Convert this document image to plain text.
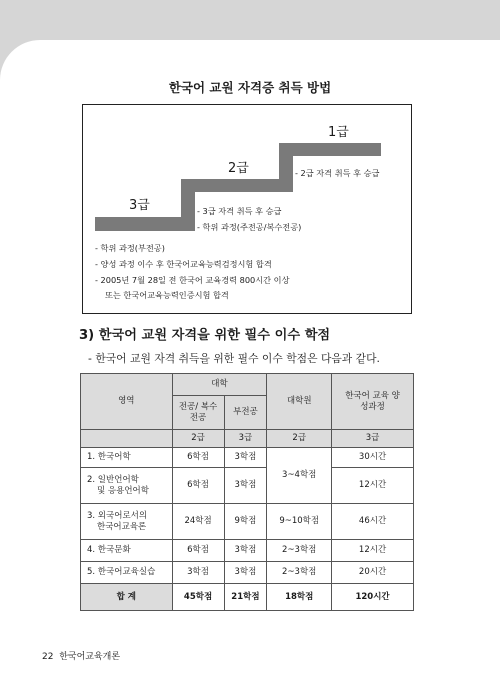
한국어 교원 자격증 취득 방법
1급
2급
3급
- 2급 자격 취득 후 승급
- 3급 자격 취득 후 승급
- 학위 과정(주전공/복수전공)
- 학위 과정(부전공)
- 양성 과정 이수 후 한국어교육능력검정시험 합격
- 2005년 7월 28일 전 한국어 교육경력 800시간 이상
또는 한국어교육능력인증시험 합격
3) 한국어 교원 자격을 위한 필수 이수 학점
- 한국어 교원 자격 취득을 위한 필수 이수 학점은 다음과 같다.
영역	대학		대학원	한국어 교육 양성과정
	전공/ 복수전공	부전공		
	2급	3급	2급	3급
1. 한국어학	6학점	3학점	3~4학점	30시간

2. 일반언어학
및 응용언어학	6학점	3학점		12시간

3. 외국어로서의
한국어교육론	24학점	9학점	9~10학점	46시간
4. 한국문화	6학점	3학점	2~3학점	12시간
5. 한국어교육실습	3학점	3학점	2~3학점	20시간
합 계	45학점	21학점	18학점	120시간
22 한국어교육개론
